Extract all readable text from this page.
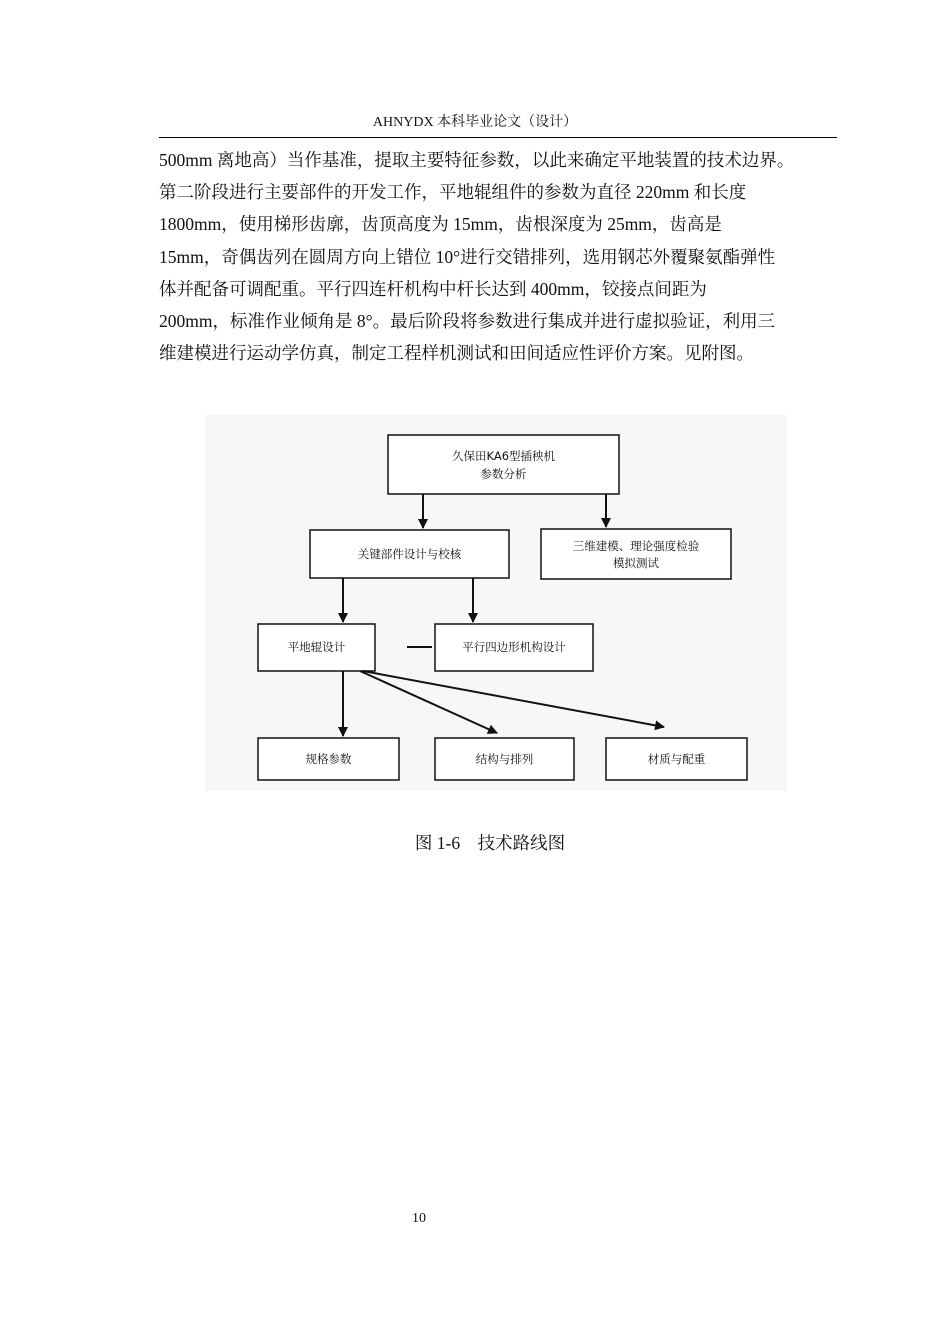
AHNYDX 本科毕业论文（设计）
500mm 离地高）当作基准，提取主要特征参数，以此来确定平地装置的技术边界。
第二阶段进行主要部件的开发工作，平地辊组件的参数为直径 220mm 和长度
1800mm，使用梯形齿廓，齿顶高度为 15mm，齿根深度为 25mm，齿高是
15mm，奇偶齿列在圆周方向上错位 10°进行交错排列，选用钢芯外覆聚氨酯弹性
体并配备可调配重。平行四连杆机构中杆长达到 400mm，铰接点间距为
200mm，标准作业倾角是 8°。最后阶段将参数进行集成并进行虚拟验证，利用三
维建模进行运动学仿真，制定工程样机测试和田间适应性评价方案。见附图。
久保田KA6型插秧机
参数分析
关键部件设计与校核
三维建模、理论强度检验
模拟测试
平地辊设计	平行四边形机构设计
规格参数	结构与排列	材质与配重
图 1-6    技术路线图
10
